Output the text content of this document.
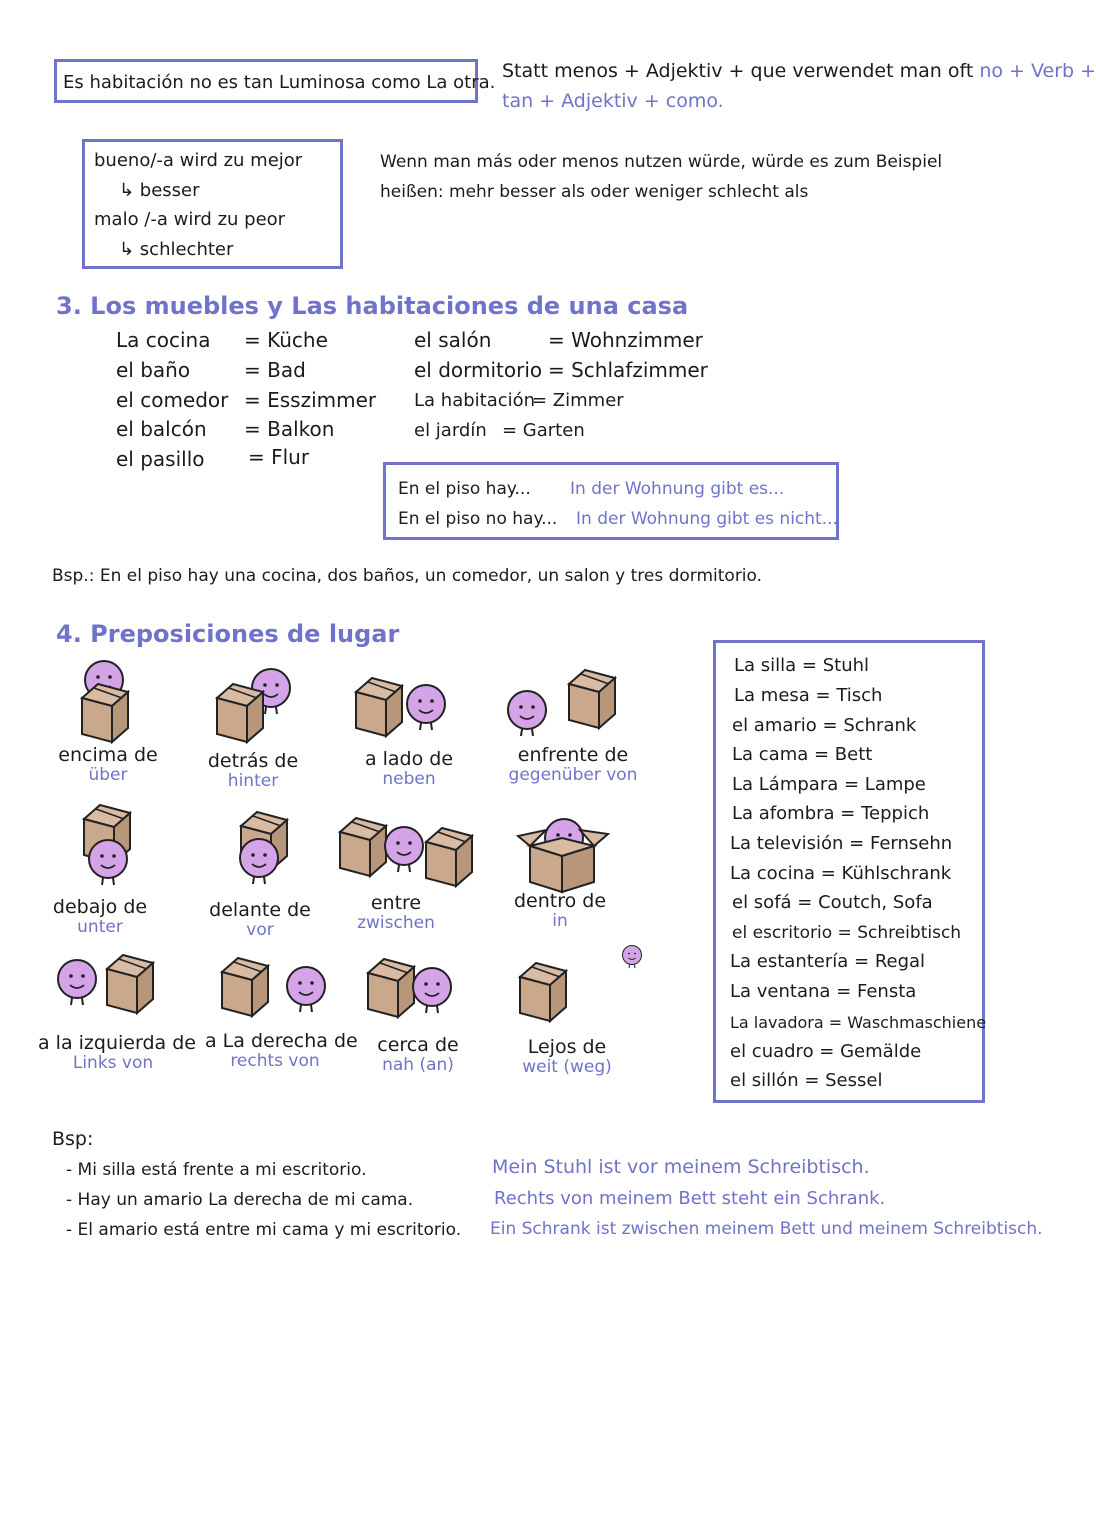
Es habitación no es tan Luminosa como La otra.
Statt menos + Adjektiv + que verwendet man oft no + Verb +
tan + Adjektiv + como.
bueno/-a wird zu mejor
↳ besser
malo /-a wird zu peor
↳ schlechter
Wenn man más oder menos nutzen würde, würde es zum Beispiel
heißen: mehr besser als oder weniger schlecht als
3. Los muebles y Las habitaciones de una casa
La cocina = Küche
el baño	= Bad
el comedor = Esszimmer
el balcón = Balkon
el pasillo = Flur
el salón	= Wohnzimmer
el dormitorio = Schlafzimmer
La habitación
= Zimmer
el jardín = Garten
En el piso hay... In der Wohnung gibt es...
En el piso no hay... In der Wohnung gibt es nicht...
Bsp.: En el piso hay una cocina, dos baños, un comedor, un salon y tres dormitorio.
4. Preposiciones de lugar
encima de
über
detrás de
hinter
a lado de
neben
enfrente de
gegenüber von
debajo de
unter
delante de
vor
entre
zwischen
dentro de
in
a la izquierda de
Links von
a La derecha de
rechts von
cerca de
nah (an)
Lejos de
weit (weg)
La silla = Stuhl
La mesa = Tisch
el amario = Schrank
La cama = Bett
La Lámpara = Lampe
La afombra = Teppich
La televisión = Fernsehn
La cocina = Kühlschrank
el sofá = Coutch, Sofa
el escritorio = Schreibtisch
La estantería = Regal
La ventana = Fensta
La lavadora = Waschmaschiene
el cuadro = Gemälde
el sillón = Sessel
Bsp:
- Mi silla está frente a mi escritorio.
- Hay un amario La derecha de mi cama.
- El amario está entre mi cama y mi escritorio.
Mein Stuhl ist vor meinem Schreibtisch.
Rechts von meinem Bett steht ein Schrank.
Ein Schrank ist zwischen meinem Bett und meinem Schreibtisch.
